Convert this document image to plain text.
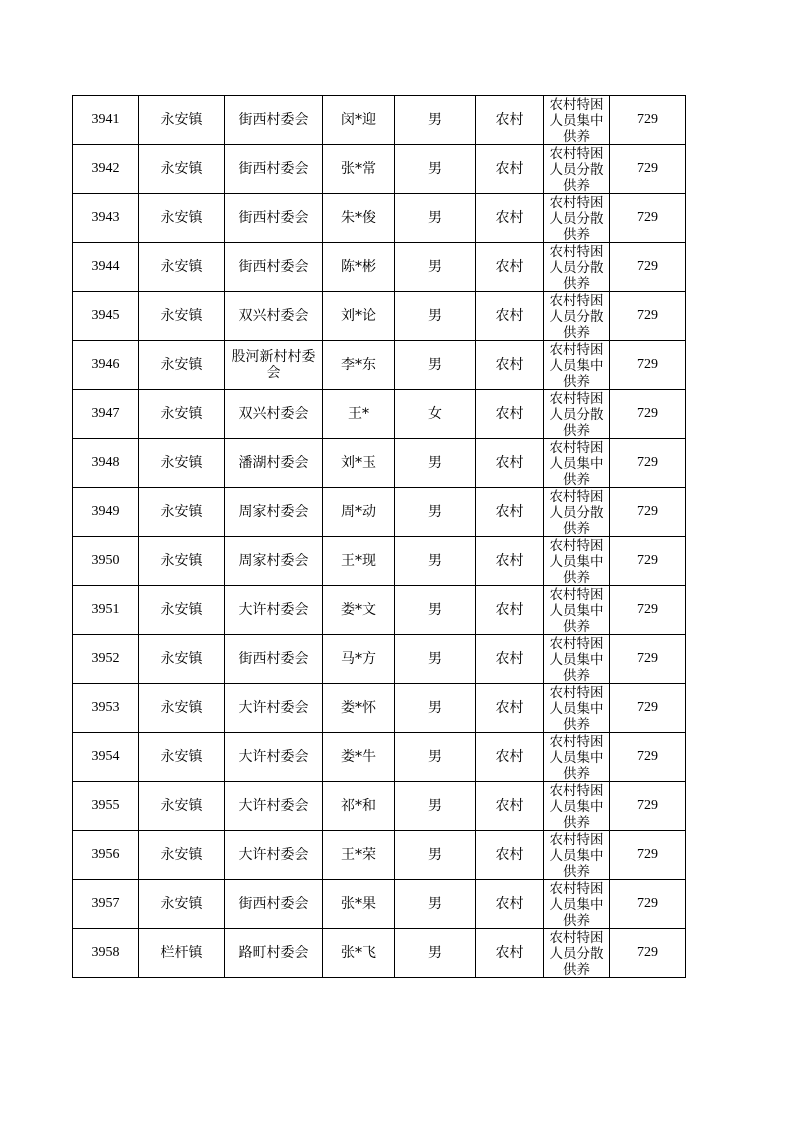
3941	永安镇	街西村委会	闵*迎	男	农村	农村特困人员集中供养	729
3942	永安镇	街西村委会	张*常	男	农村	农村特困人员分散供养	729
3943	永安镇	街西村委会	朱*俊	男	农村	农村特困人员分散供养	729
3944	永安镇	街西村委会	陈*彬	男	农村	农村特困人员分散供养	729
3945	永安镇	双兴村委会	刘*论	男	农村	农村特困人员分散供养	729
3946	永安镇	股河新村村委会	李*东	男	农村	农村特困人员集中供养	729
3947	永安镇	双兴村委会	王*	女	农村	农村特困人员分散供养	729
3948	永安镇	潘湖村委会	刘*玉	男	农村	农村特困人员集中供养	729
3949	永安镇	周家村委会	周*动	男	农村	农村特困人员分散供养	729
3950	永安镇	周家村委会	王*现	男	农村	农村特困人员集中供养	729
3951	永安镇	大许村委会	娄*文	男	农村	农村特困人员集中供养	729
3952	永安镇	街西村委会	马*方	男	农村	农村特困人员集中供养	729
3953	永安镇	大许村委会	娄*怀	男	农村	农村特困人员集中供养	729
3954	永安镇	大许村委会	娄*牛	男	农村	农村特困人员集中供养	729
3955	永安镇	大许村委会	祁*和	男	农村	农村特困人员集中供养	729
3956	永安镇	大许村委会	王*荣	男	农村	农村特困人员集中供养	729
3957	永安镇	街西村委会	张*果	男	农村	农村特困人员集中供养	729
3958	栏杆镇	路町村委会	张*飞	男	农村	农村特困人员分散供养	729
